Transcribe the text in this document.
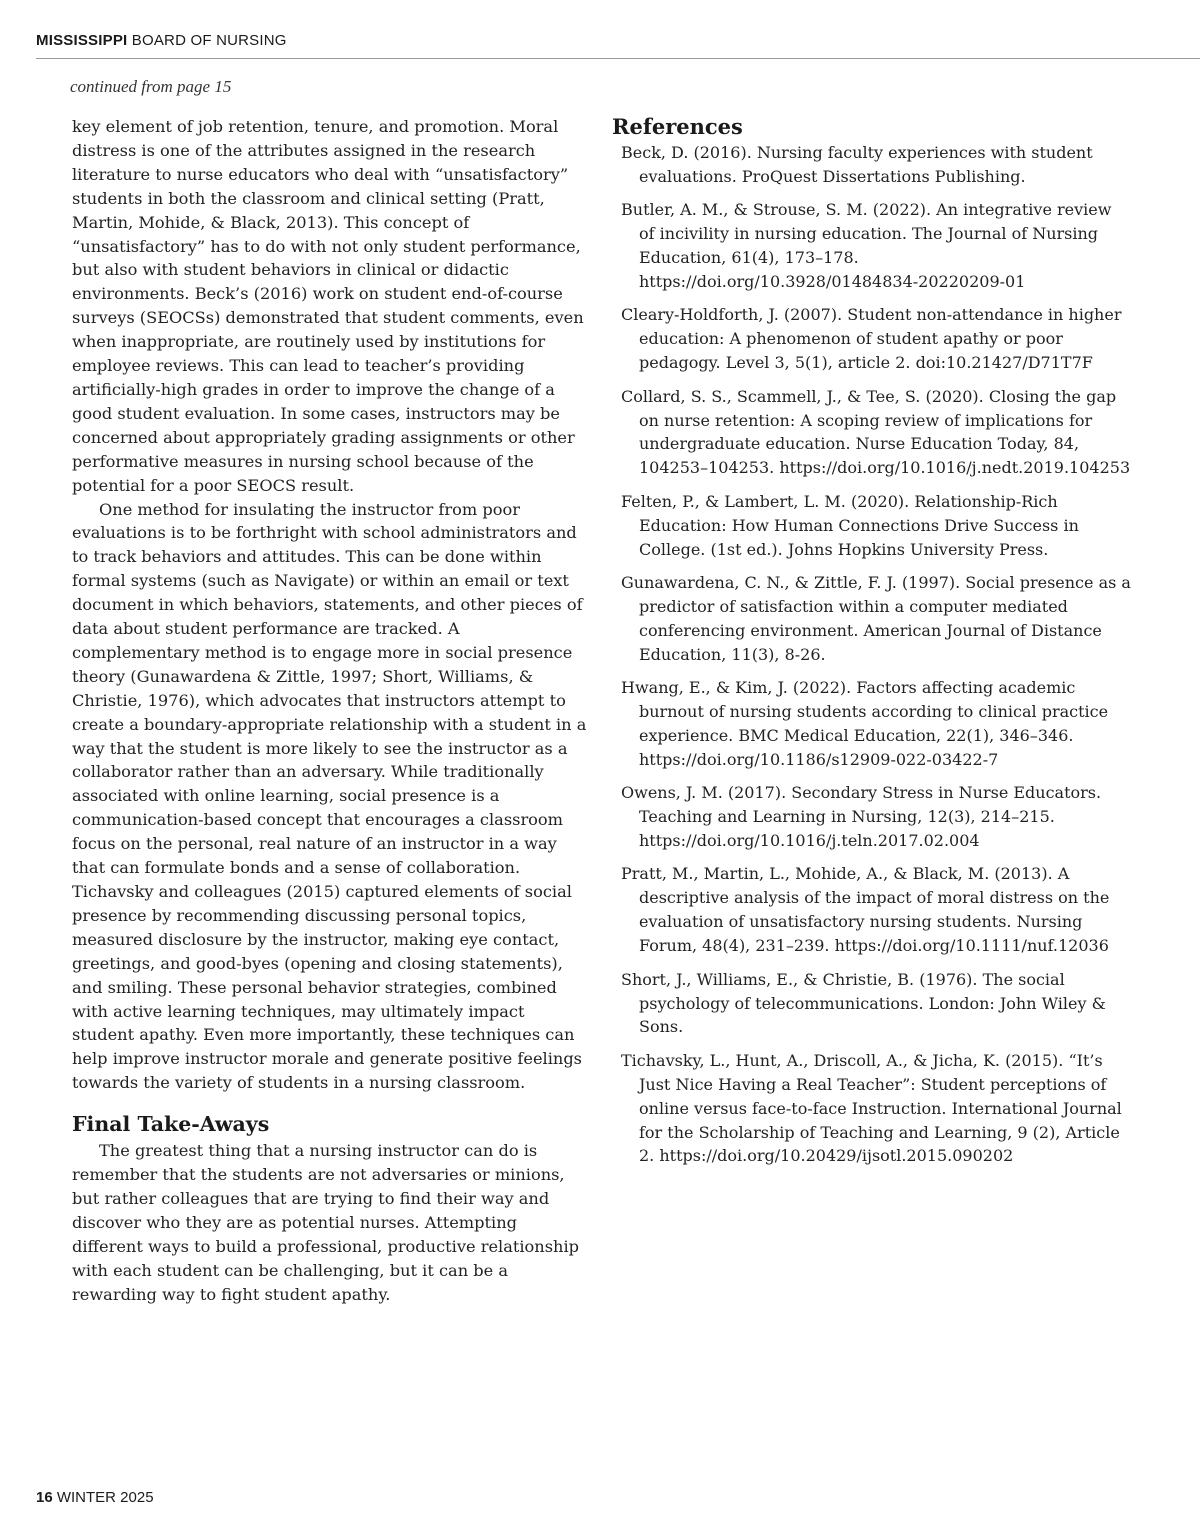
MISSISSIPPI BOARD OF NURSING
continued from page 15

key element of job retention, tenure, and promotion. Moral distress is one of the attributes assigned in the research literature to nurse educators who deal with “unsatisfactory” students in both the classroom and clinical setting (Pratt, Martin, Mohide, & Black, 2013). This concept of “unsatisfactory” has to do with not only student performance, but also with student behaviors in clinical or didactic environments. Beck’s (2016) work on student end-of-course surveys (SEOCSs) demonstrated that student comments, even when inappropriate, are routinely used by institutions for employee reviews. This can lead to teacher’s providing artificially-high grades in order to improve the change of a good student evaluation. In some cases, instructors may be concerned about appropriately grading assignments or other performative measures in nursing school because of the potential for a poor SEOCS result.

One method for insulating the instructor from poor evaluations is to be forthright with school administrators and to track behaviors and attitudes. This can be done within formal systems (such as Navigate) or within an email or text document in which behaviors, statements, and other pieces of data about student performance are tracked. A complementary method is to engage more in social presence theory (Gunawardena & Zittle, 1997; Short, Williams, & Christie, 1976), which advocates that instructors attempt to create a boundary-appropriate relationship with a student in a way that the student is more likely to see the instructor as a collaborator rather than an adversary. While traditionally associated with online learning, social presence is a communication-based concept that encourages a classroom focus on the personal, real nature of an instructor in a way that can formulate bonds and a sense of collaboration. Tichavsky and colleagues (2015) captured elements of social presence by recommending discussing personal topics, measured disclosure by the instructor, making eye contact, greetings, and good-byes (opening and closing statements), and smiling. These personal behavior strategies, combined with active learning techniques, may ultimately impact student apathy. Even more importantly, these techniques can help improve instructor morale and generate positive feelings towards the variety of students in a nursing classroom.

Final Take-Aways

The greatest thing that a nursing instructor can do is remember that the students are not adversaries or minions, but rather colleagues that are trying to find their way and discover who they are as potential nurses. Attempting different ways to build a professional, productive relationship with each student can be challenging, but it can be a rewarding way to fight student apathy.

References
Beck, D. (2016). Nursing faculty experiences with student evaluations. ProQuest Dissertations Publishing.
Butler, A. M., & Strouse, S. M. (2022). An integrative review of incivility in nursing education. The Journal of Nursing Education, 61(4), 173–178. https://doi.org/10.3928/01484834-20220209-01
Cleary-Holdforth, J. (2007). Student non-attendance in higher education: A phenomenon of student apathy or poor pedagogy. Level 3, 5(1), article 2. doi:10.21427/D71T7F
Collard, S. S., Scammell, J., & Tee, S. (2020). Closing the gap on nurse retention: A scoping review of implications for undergraduate education. Nurse Education Today, 84, 104253–104253. https://doi.org/10.1016/j.nedt.2019.104253
Felten, P., & Lambert, L. M. (2020). Relationship-Rich Education: How Human Connections Drive Success in College. (1st ed.). Johns Hopkins University Press.
Gunawardena, C. N., & Zittle, F. J. (1997). Social presence as a predictor of satisfaction within a computer mediated conferencing environment. American Journal of Distance Education, 11(3), 8-26.
Hwang, E., & Kim, J. (2022). Factors affecting academic burnout of nursing students according to clinical practice experience. BMC Medical Education, 22(1), 346–346. https://doi.org/10.1186/s12909-022-03422-7
Owens, J. M. (2017). Secondary Stress in Nurse Educators. Teaching and Learning in Nursing, 12(3), 214–215. https://doi.org/10.1016/j.teln.2017.02.004
Pratt, M., Martin, L., Mohide, A., & Black, M. (2013). A descriptive analysis of the impact of moral distress on the evaluation of unsatisfactory nursing students. Nursing Forum, 48(4), 231–239. https://doi.org/10.1111/nuf.12036
Short, J., Williams, E., & Christie, B. (1976). The social psychology of telecommunications. London: John Wiley & Sons.
Tichavsky, L., Hunt, A., Driscoll, A., & Jicha, K. (2015). “It’s Just Nice Having a Real Teacher”: Student perceptions of online versus face-to-face Instruction. International Journal for the Scholarship of Teaching and Learning, 9 (2), Article 2. https://doi.org/10.20429/ijsotl.2015.090202
16 WINTER 2025
